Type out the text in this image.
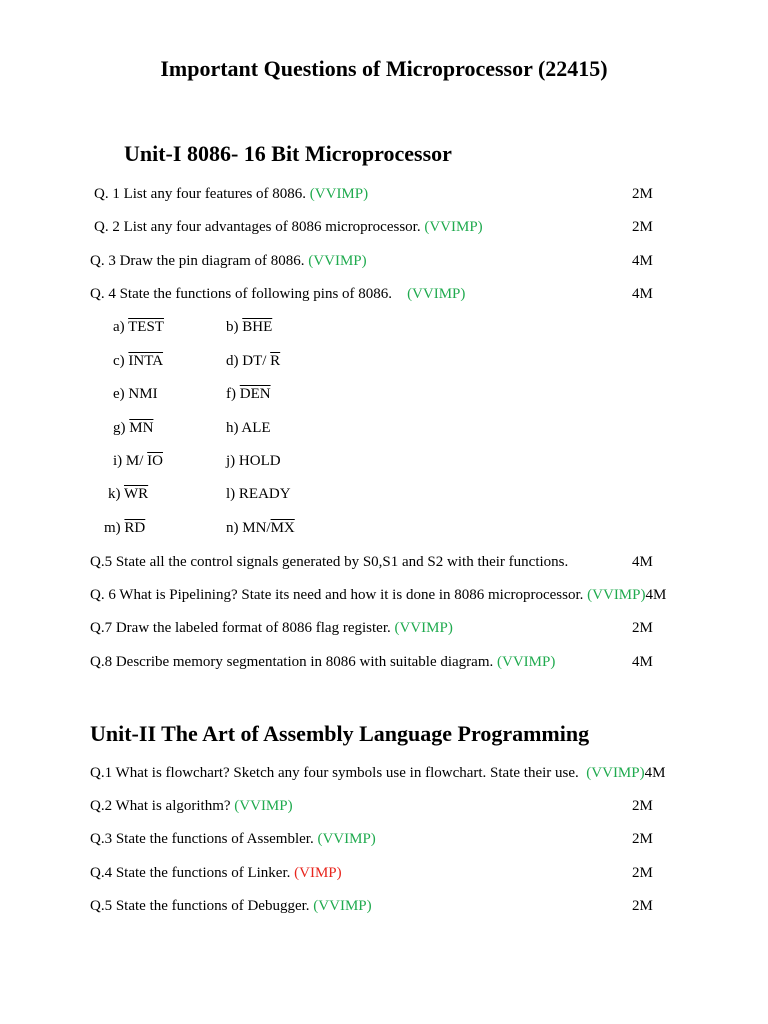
Important Questions of Microprocessor (22415)
Unit-I 8086- 16 Bit Microprocessor
Q. 1 List any four features of 8086. (VVIMP)	2M
Q. 2 List any four advantages of 8086 microprocessor. (VVIMP)	2M
Q. 3 Draw the pin diagram of 8086. (VVIMP)	4M
Q. 4 State the functions of following pins of 8086.    (VVIMP)	4M
a) TEST	b) $\overline{BHE}$
c) INTA	d) DT/ $\overline{R}$
e) NMI	f) $\overline{DEN}$
g) $\overline{MN}$	h) ALE
i) M/ $\overline{IO}$	j) HOLD
k) $\overline{WR}$	l) READY
m) $\overline{RD}$	n) $MN/\overline{MX}$
Q.5 State all the control signals generated by S0,S1 and S2 with their functions.	4M
Q. 6 What is Pipelining? State its need and how it is done in 8086 microprocessor. (VVIMP)4M
Q.7 Draw the labeled format of 8086 flag register. (VVIMP)	2M
Q.8 Describe memory segmentation in 8086 with suitable diagram. (VVIMP)	4M
Unit-II The Art of Assembly Language Programming
Q.1 What is flowchart? Sketch any four symbols use in flowchart. State their use.  (VVIMP)4M
Q.2 What is algorithm? (VVIMP)	2M
Q.3 State the functions of Assembler. (VVIMP)	2M
Q.4 State the functions of Linker. (VIMP)	2M
Q.5 State the functions of Debugger. (VVIMP)	2M
